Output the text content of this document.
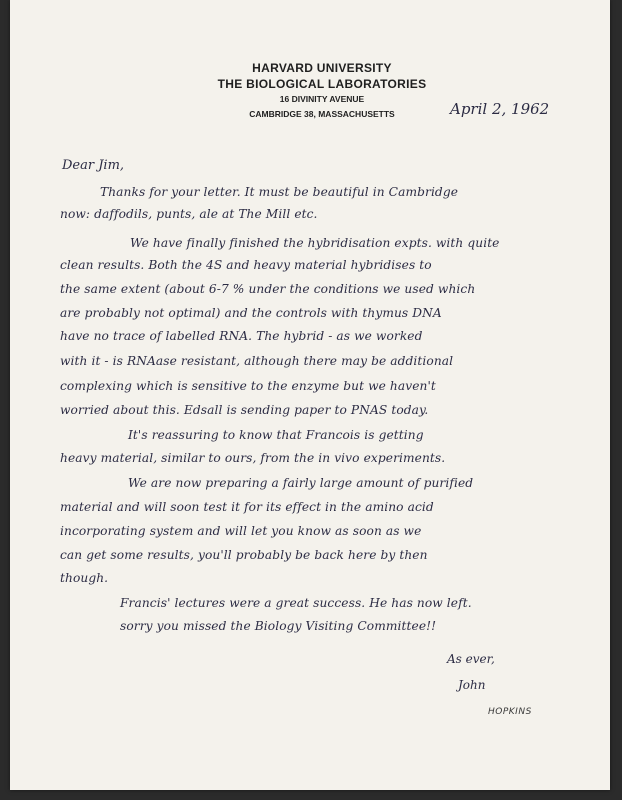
HARVARD UNIVERSITY
THE BIOLOGICAL LABORATORIES
16 DIVINITY AVENUE
CAMBRIDGE 38, MASSACHUSETTS	April 2, 1962
Dear Jim,
Thanks for your letter. It must be beautiful in Cambridge
now: daffodils, punts, ale at The Mill etc.
We have finally finished the hybridisation expts. with quite
clean results. Both the 4S and heavy material hybridises to
the same extent (about 6-7 % under the conditions we used which
are probably not optimal) and the controls with thymus DNA
have no trace of labelled RNA. The hybrid - as we worked
with it - is RNAase resistant, although there may be additional
complexing which is sensitive to the enzyme but we haven't
worried about this. Edsall is sending paper to PNAS today.
It's reassuring to know that Francois is getting
heavy material, similar to ours, from the in vivo experiments.
We are now preparing a fairly large amount of purified
material and will soon test it for its effect in the amino acid
incorporating system and will let you know as soon as we
can get some results, you'll probably be back here by then
though.
Francis' lectures were a great success. He has now left.
sorry you missed the Biology Visiting Committee!!
As ever,
John
HOPKINS
